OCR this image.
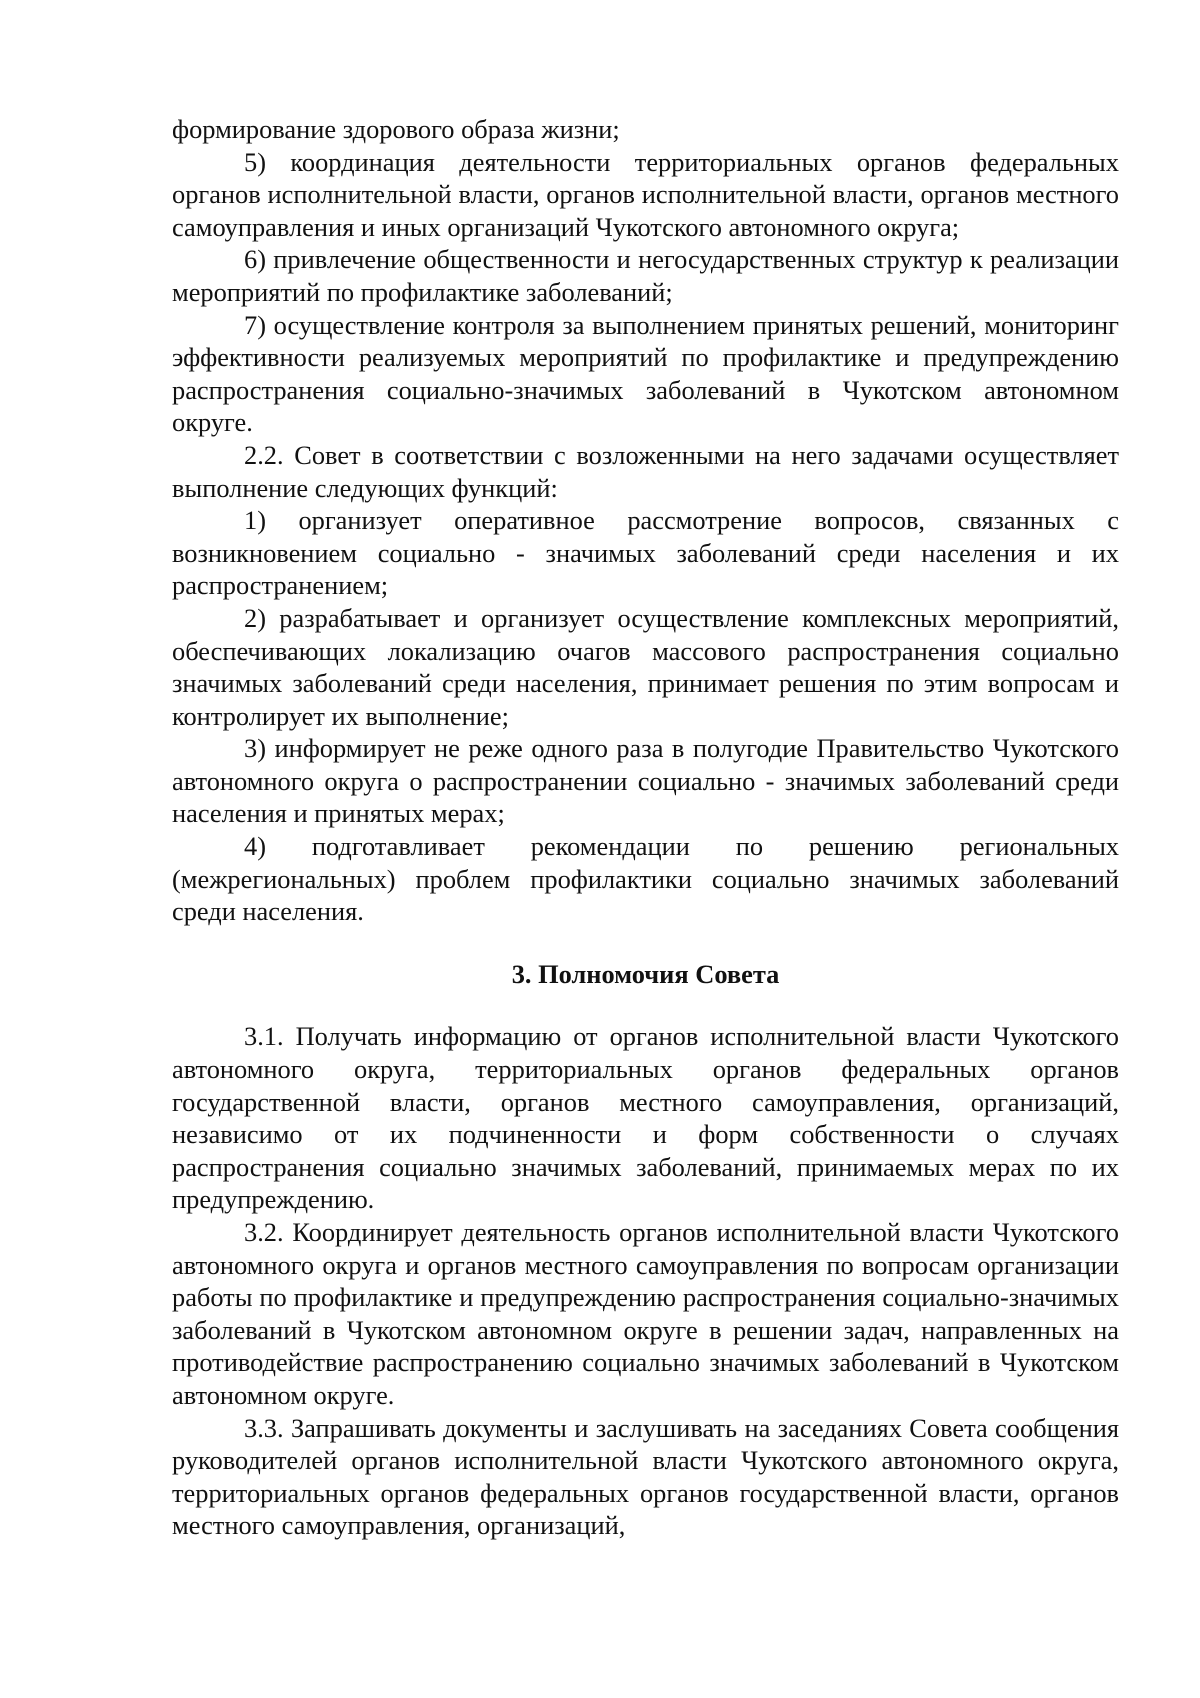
формирование здорового образа жизни;

5) координация деятельности территориальных органов федеральных органов исполнительной власти, органов исполнительной власти, органов местного самоуправления и иных организаций Чукотского автономного округа;

6) привлечение общественности и негосударственных структур к реализации мероприятий по профилактике заболеваний;

7) осуществление контроля за выполнением принятых решений, мониторинг эффективности реализуемых мероприятий по профилактике и предупреждению распространения социально-значимых заболеваний в Чукотском автономном округе.

2.2. Совет в соответствии с возложенными на него задачами осуществляет выполнение следующих функций:

1) организует оперативное рассмотрение вопросов, связанных с возникновением социально - значимых заболеваний среди населения и их распространением;

2) разрабатывает и организует осуществление комплексных мероприятий, обеспечивающих локализацию очагов массового распространения социально значимых заболеваний среди населения, принимает решения по этим вопросам и контролирует их выполнение;

3) информирует не реже одного раза в полугодие Правительство Чукотского автономного округа о распространении социально - значимых заболеваний среди населения и принятых мерах;

4) подготавливает рекомендации по решению региональных (межрегиональных) проблем профилактики социально значимых заболеваний среди населения.

3. Полномочия Совета

3.1. Получать информацию от органов исполнительной власти Чукотского автономного округа, территориальных органов федеральных органов государственной власти, органов местного самоуправления, организаций, независимо от их подчиненности и форм собственности о случаях распространения социально значимых заболеваний, принимаемых мерах по их предупреждению.

3.2. Координирует деятельность органов исполнительной власти Чукотского автономного округа и органов местного самоуправления по вопросам организации работы по профилактике и предупреждению распространения социально-значимых заболеваний в Чукотском автономном округе в решении задач, направленных на противодействие распространению социально значимых заболеваний в Чукотском автономном округе.

3.3. Запрашивать документы и заслушивать на заседаниях Совета сообщения руководителей органов исполнительной власти Чукотского автономного округа, территориальных органов федеральных органов государственной власти, органов местного самоуправления, организаций,
